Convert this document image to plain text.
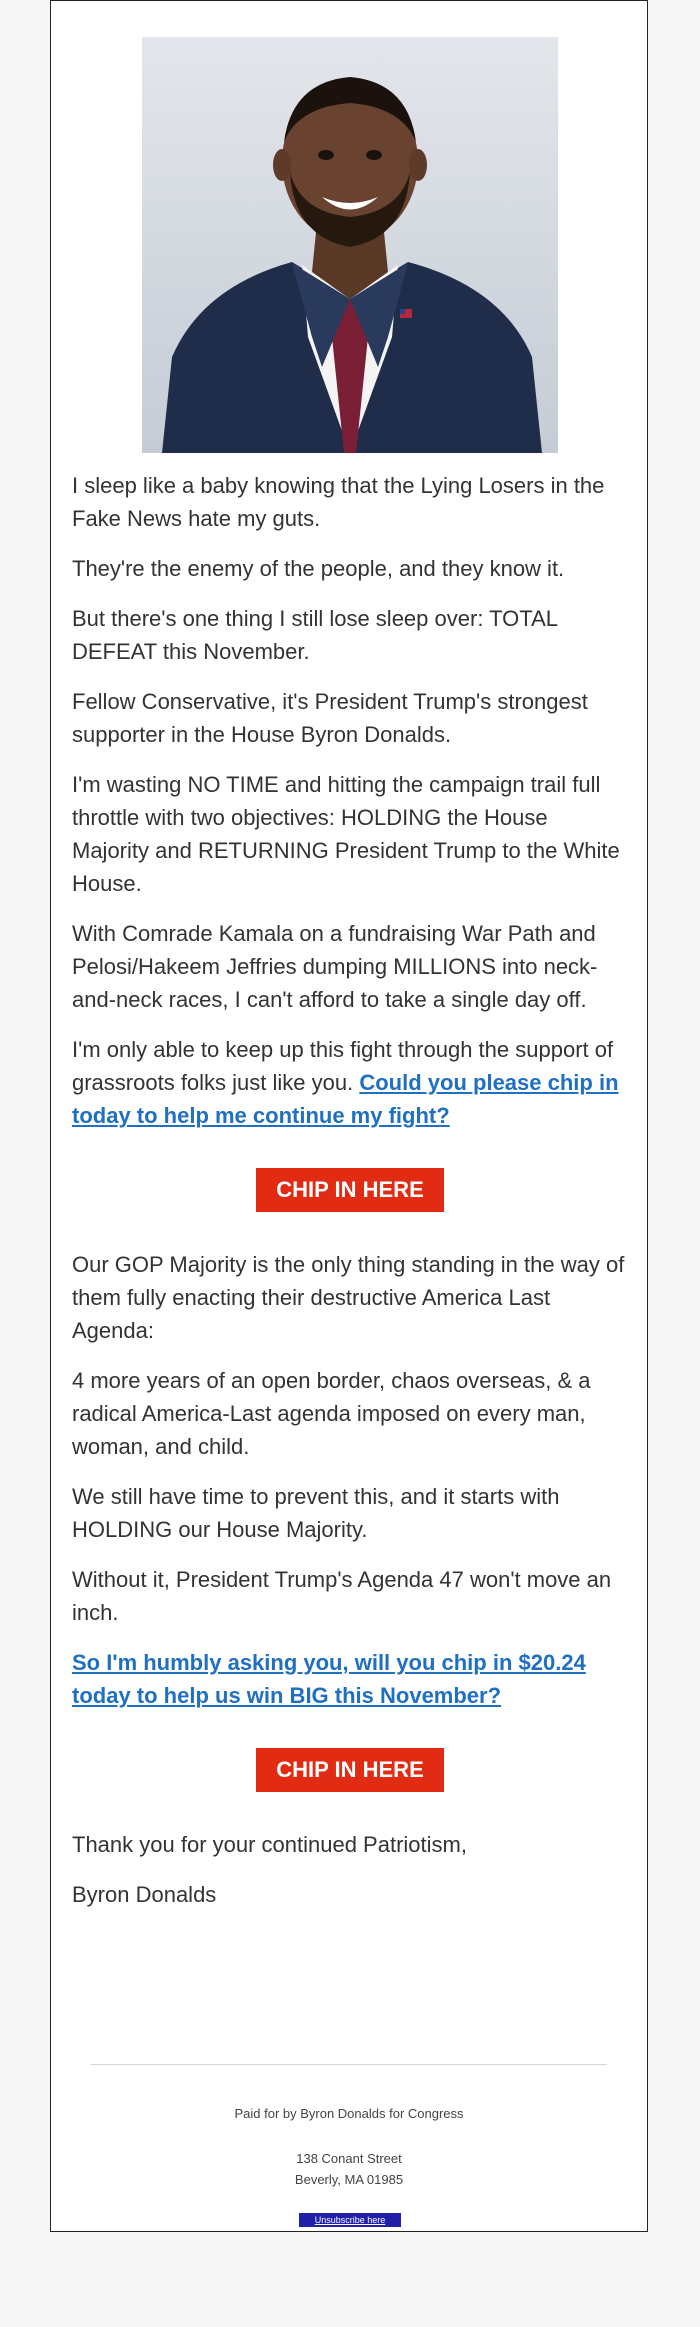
I sleep like a baby knowing that the Lying Losers in the Fake News hate my guts.

They're the enemy of the people, and they know it.

But there's one thing I still lose sleep over: TOTAL DEFEAT this November.

Fellow Conservative, it's President Trump's strongest supporter in the House Byron Donalds.

I'm wasting NO TIME and hitting the campaign trail full throttle with two objectives: HOLDING the House Majority and RETURNING President Trump to the White House.

With Comrade Kamala on a fundraising War Path and Pelosi/Hakeem Jeffries dumping MILLIONS into neck-and-neck races, I can't afford to take a single day off.

I'm only able to keep up this fight through the support of grassroots folks just like you. Could you please chip in today to help me continue my fight?

CHIP IN HERE

Our GOP Majority is the only thing standing in the way of them fully enacting their destructive America Last Agenda:

4 more years of an open border, chaos overseas, & a radical America-Last agenda imposed on every man, woman, and child.

We still have time to prevent this, and it starts with HOLDING our House Majority.

Without it, President Trump's Agenda 47 won't move an inch.

So I'm humbly asking you, will you chip in $20.24 today to help us win BIG this November?

CHIP IN HERE

Thank you for your continued Patriotism,

Byron Donalds

Paid for by Byron Donalds for Congress
138 Conant Street
Beverly, MA 01985
Unsubscribe here
